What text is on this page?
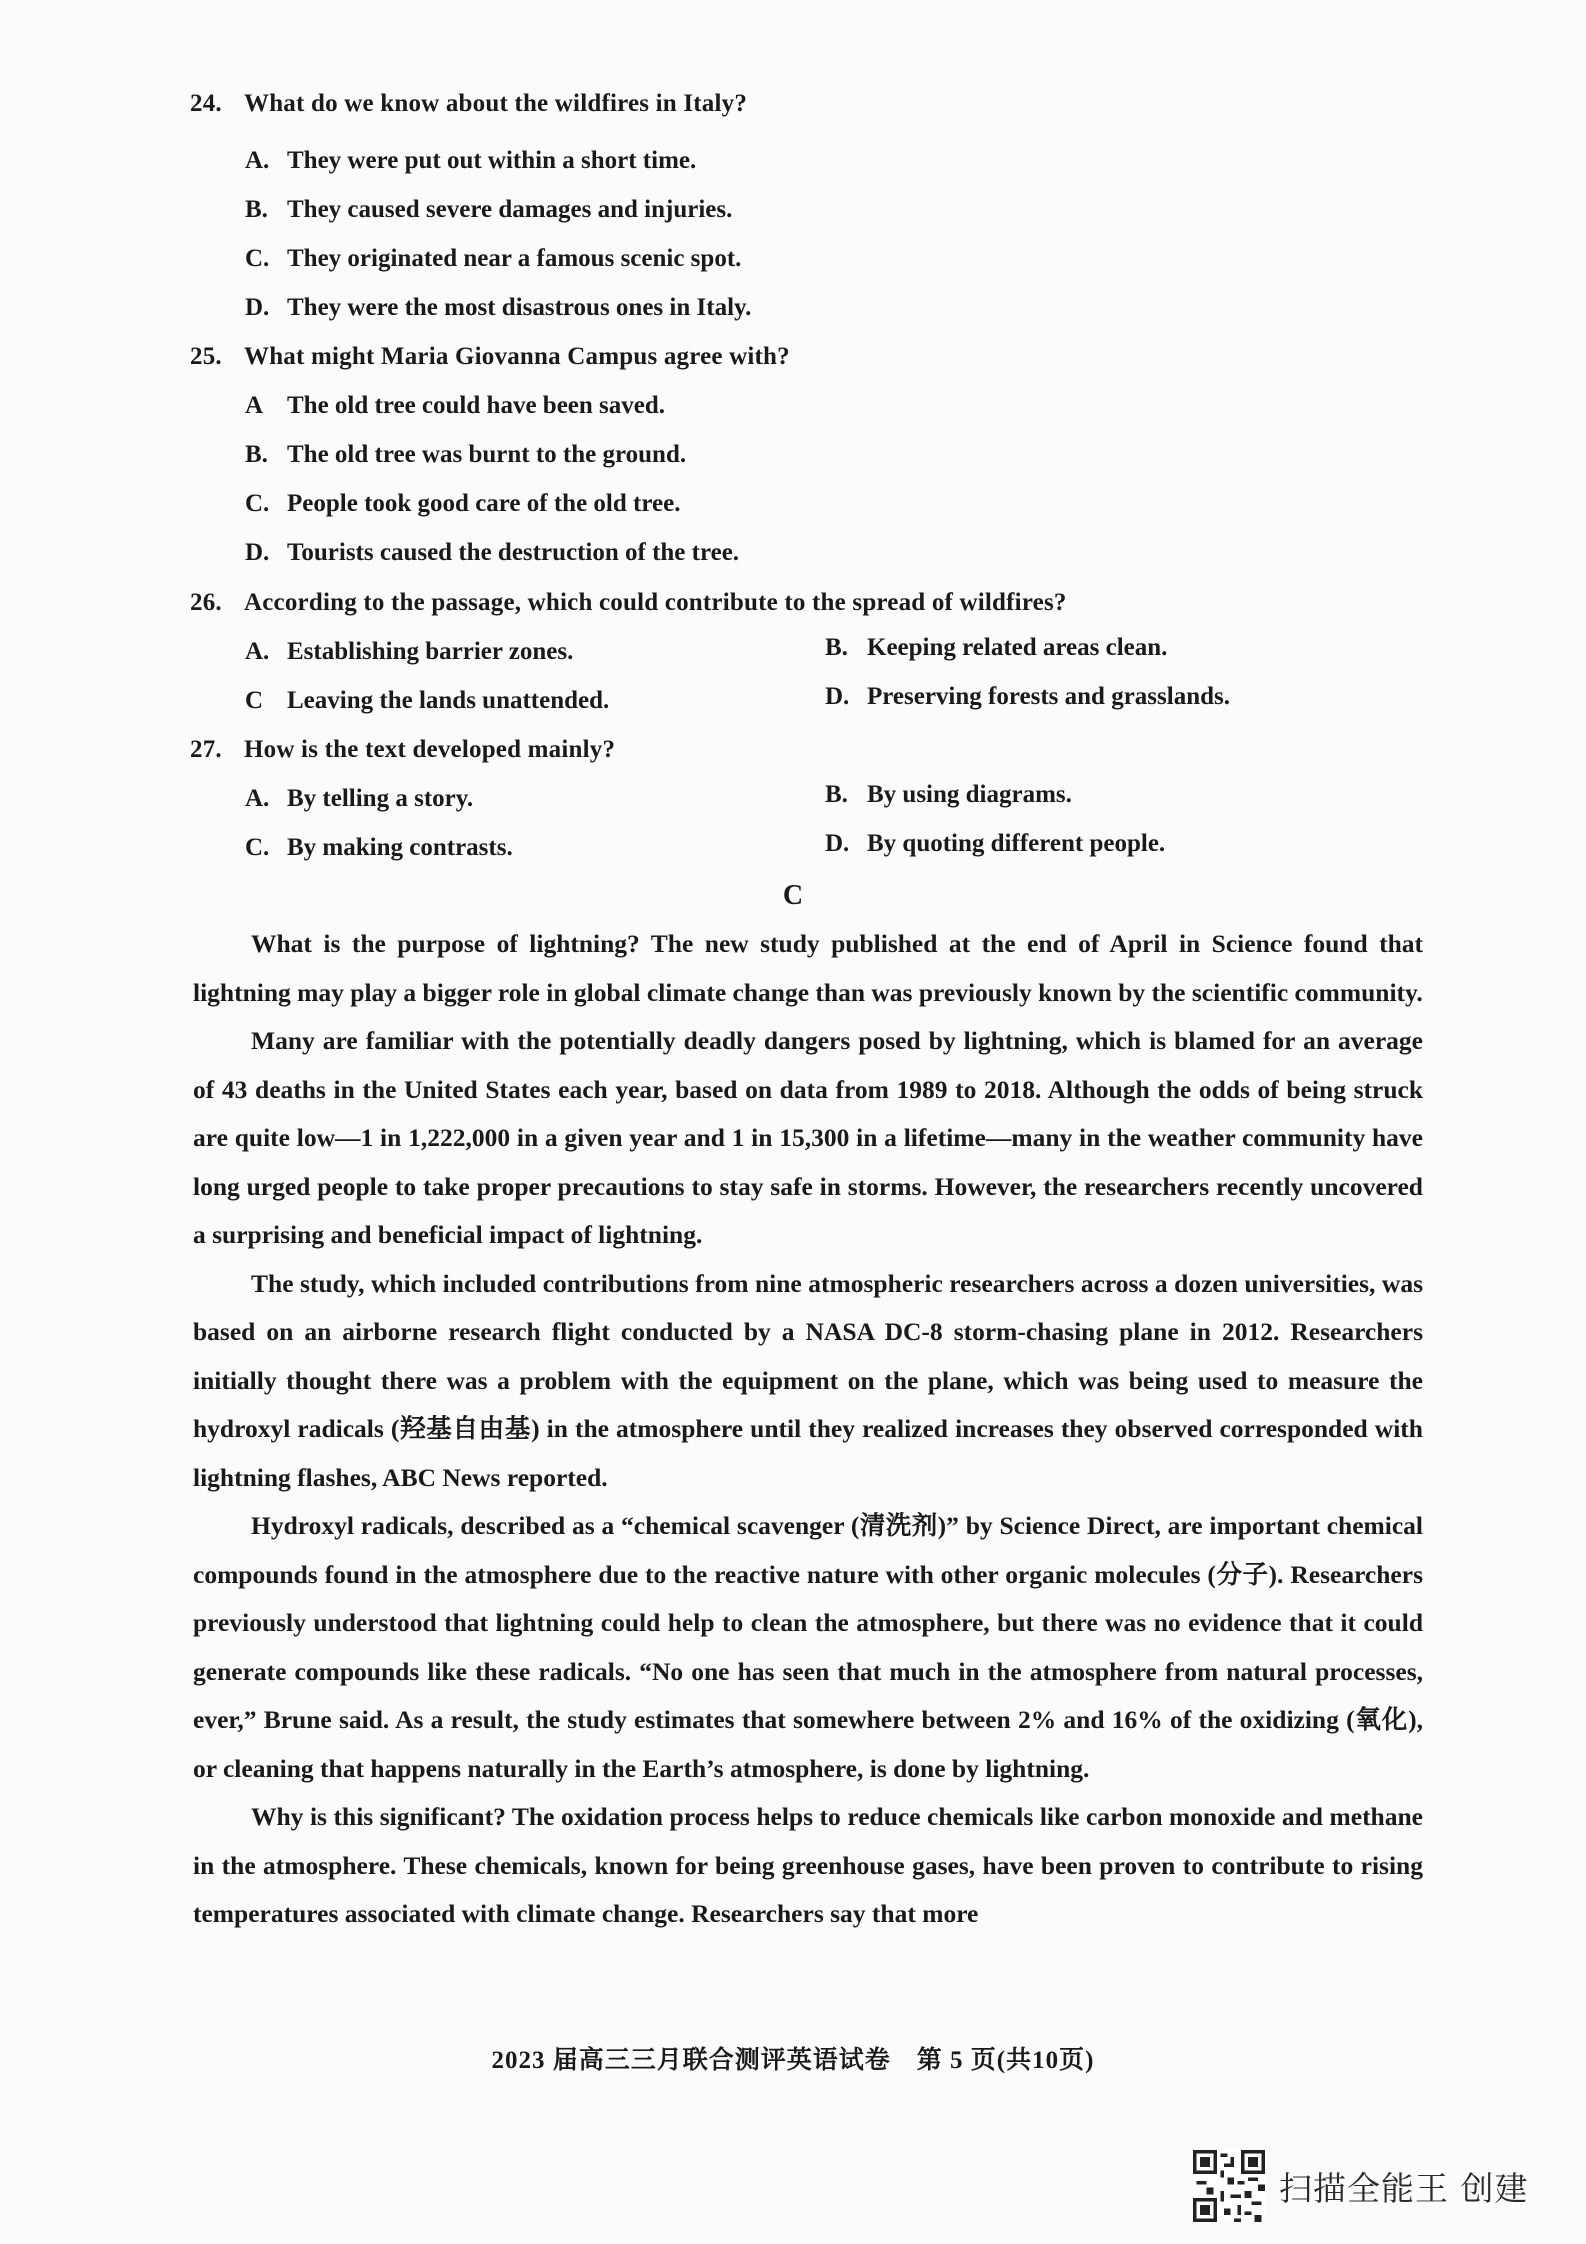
24. What do we know about the wildfires in Italy?
A. They were put out within a short time.
B. They caused severe damages and injuries.
C. They originated near a famous scenic spot.
D. They were the most disastrous ones in Italy.
25. What might Maria Giovanna Campus agree with?
A The old tree could have been saved.
B. The old tree was burnt to the ground.
C. People took good care of the old tree.
D. Tourists caused the destruction of the tree.
26. According to the passage, which could contribute to the spread of wildfires?
A. Establishing barrier zones.	B. Keeping related areas clean.
C Leaving the lands unattended.	D. Preserving forests and grasslands.
27. How is the text developed mainly?
A. By telling a story.	B. By using diagrams.
C. By making contrasts.	D. By quoting different people.
C

What is the purpose of lightning? The new study published at the end of April in Science found that lightning may play a bigger role in global climate change than was previously known by the scientific community.

Many are familiar with the potentially deadly dangers posed by lightning, which is blamed for an average of 43 deaths in the United States each year, based on data from 1989 to 2018. Although the odds of being struck are quite low—1 in 1,222,000 in a given year and 1 in 15,300 in a lifetime—many in the weather community have long urged people to take proper precautions to stay safe in storms. However, the researchers recently uncovered a surprising and beneficial impact of lightning.

The study, which included contributions from nine atmospheric researchers across a dozen universities, was based on an airborne research flight conducted by a NASA DC-8 storm-chasing plane in 2012. Researchers initially thought there was a problem with the equipment on the plane, which was being used to measure the hydroxyl radicals (羟基自由基) in the atmosphere until they realized increases they observed corresponded with lightning flashes, ABC News reported.

Hydroxyl radicals, described as a “chemical scavenger (清洗剂)” by Science Direct, are important chemical compounds found in the atmosphere due to the reactive nature with other organic molecules (分子). Researchers previously understood that lightning could help to clean the atmosphere, but there was no evidence that it could generate compounds like these radicals. “No one has seen that much in the atmosphere from natural processes, ever,” Brune said. As a result, the study estimates that somewhere between 2% and 16% of the oxidizing (氧化), or cleaning that happens naturally in the Earth’s atmosphere, is done by lightning.

Why is this significant? The oxidation process helps to reduce chemicals like carbon monoxide and methane in the atmosphere. These chemicals, known for being greenhouse gases, have been proven to contribute to rising temperatures associated with climate change. Researchers say that more

2023 届高三三月联合测评英语试卷　第 5 页(共10页)
扫描全能王 创建
